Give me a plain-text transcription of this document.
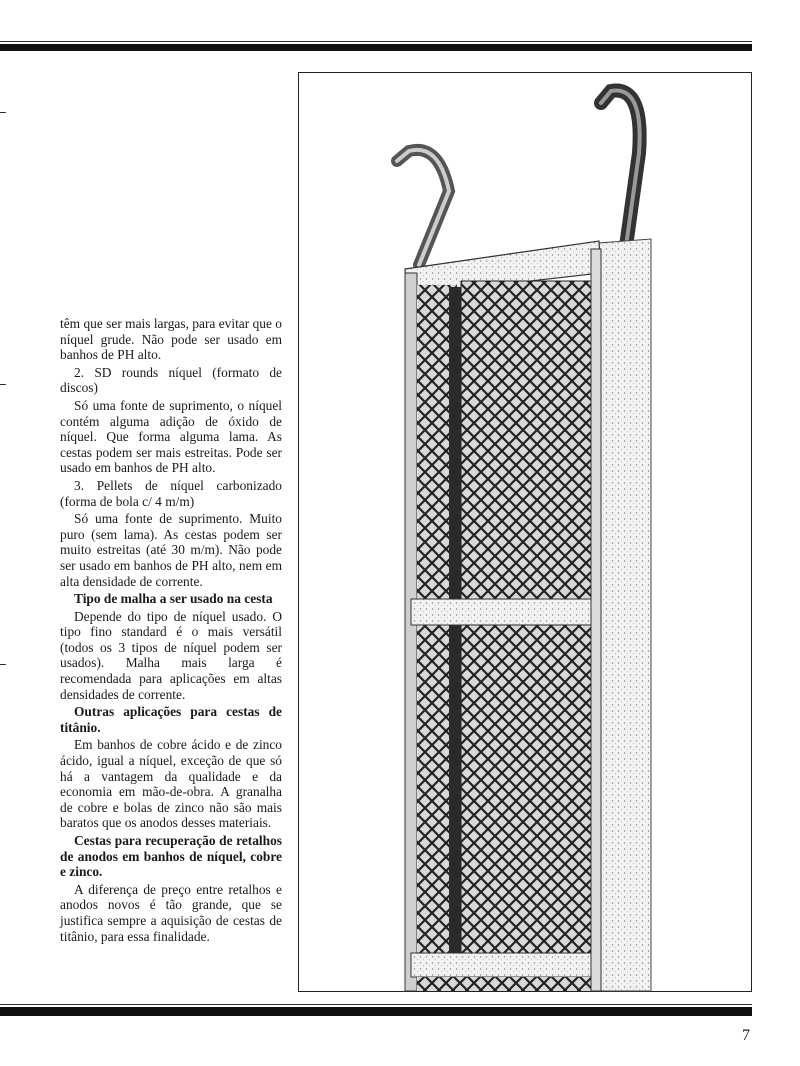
têm que ser mais largas, para evitar que o níquel grude. Não pode ser usado em banhos de PH alto.

2. SD rounds níquel (formato de discos)

Só uma fonte de suprimento, o níquel contém alguma adição de óxido de níquel. Que forma alguma lama. As cestas podem ser mais estreitas. Pode ser usado em banhos de PH alto.

3. Pellets de níquel carbonizado (forma de bola c/ 4 m/m)

Só uma fonte de suprimento. Muito puro (sem lama). As cestas podem ser muito estreitas (até 30 m/m). Não pode ser usado em banhos de PH alto, nem em alta densidade de corrente.

Tipo de malha a ser usado na cesta

Depende do tipo de níquel usado. O tipo fino standard é o mais versátil (todos os 3 tipos de níquel podem ser usados). Malha mais larga é recomendada para aplicações em altas densidades de corrente.

Outras aplicações para cestas de titânio.

Em banhos de cobre ácido e de zinco ácido, igual a níquel, exceção de que só há a vantagem da qualidade e da economia em mão-de-obra. A granalha de cobre e bolas de zinco não são mais baratos que os anodos desses materiais.

Cestas para recuperação de retalhos de anodos em banhos de níquel, cobre e zinco.

A diferença de preço entre retalhos e anodos novos é tão grande, que se justifica sempre a aquisição de cestas de titânio, para essa finalidade.

7
